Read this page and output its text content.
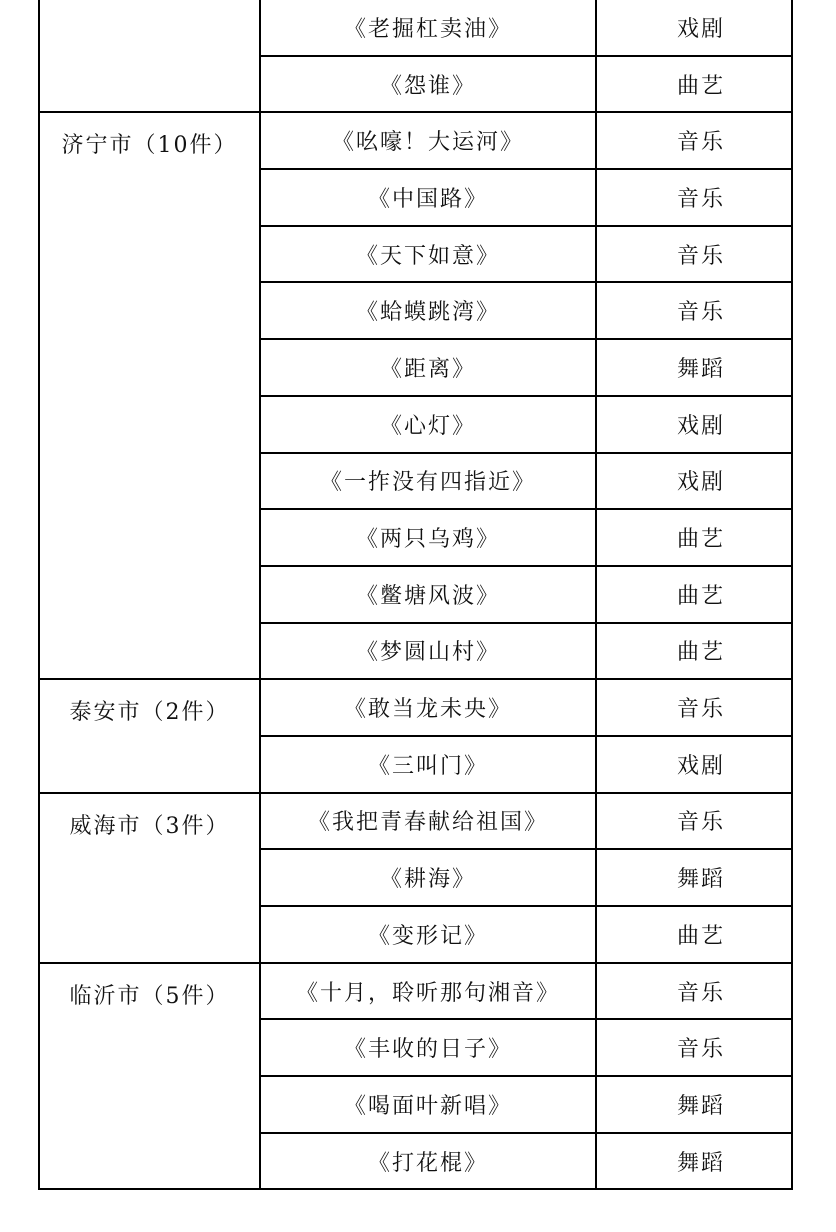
	《老掘杠卖油》	戏剧
	《怨谁》	曲艺
济宁市（10件）	《吆嚎！大运河》	音乐
	《中国路》	音乐
	《天下如意》	音乐
	《蛤蟆跳湾》	音乐
	《距离》	舞蹈
	《心灯》	戏剧
	《一拃没有四指近》	戏剧
	《两只乌鸡》	曲艺
	《鳖塘风波》	曲艺
	《梦圆山村》	曲艺
泰安市（2件）	《敢当龙未央》	音乐
	《三叫门》	戏剧
威海市（3件）	《我把青春献给祖国》	音乐
	《耕海》	舞蹈
	《变形记》	曲艺
临沂市（5件）	《十月，聆听那句湘音》	音乐
	《丰收的日子》	音乐
	《喝面叶新唱》	舞蹈
	《打花棍》	舞蹈
